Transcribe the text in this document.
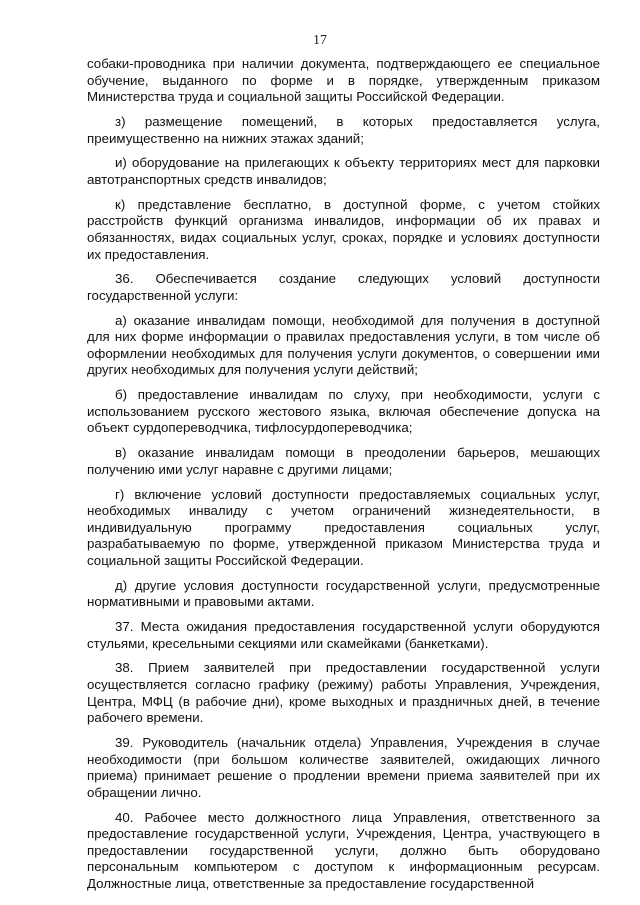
17

собаки-проводника при наличии документа, подтверждающего ее специальное обучение, выданного по форме и в порядке, утвержденным приказом Министерства труда и социальной защиты Российской Федерации.

з) размещение помещений, в которых предоставляется услуга, преимущественно на нижних этажах зданий;

и) оборудование на прилегающих к объекту территориях мест для парковки автотранспортных средств инвалидов;

к) представление бесплатно, в доступной форме, с учетом стойких расстройств функций организма инвалидов, информации об их правах и обязанностях, видах социальных услуг, сроках, порядке и условиях доступности их предоставления.

36. Обеспечивается создание следующих условий доступности государственной услуги:

а) оказание инвалидам помощи, необходимой для получения в доступной для них форме информации о правилах предоставления услуги, в том числе об оформлении необходимых для получения услуги документов, о совершении ими других необходимых для получения услуги действий;

б) предоставление инвалидам по слуху, при необходимости, услуги с использованием русского жестового языка, включая обеспечение допуска на объект сурдопереводчика, тифлосурдопереводчика;

в) оказание инвалидам помощи в преодолении барьеров, мешающих получению ими услуг наравне с другими лицами;

г) включение условий доступности предоставляемых социальных услуг, необходимых инвалиду с учетом ограничений жизнедеятельности, в индивидуальную программу предоставления социальных услуг, разрабатываемую по форме, утвержденной приказом Министерства труда и социальной защиты Российской Федерации.

д) другие условия доступности государственной услуги, предусмотренные нормативными и правовыми актами.

37. Места ожидания предоставления государственной услуги оборудуются стульями, кресельными секциями или скамейками (банкетками).

38. Прием заявителей при предоставлении государственной услуги осуществляется согласно графику (режиму) работы Управления, Учреждения, Центра, МФЦ (в рабочие дни), кроме выходных и праздничных дней, в течение рабочего времени.

39. Руководитель (начальник отдела) Управления, Учреждения в случае необходимости (при большом количестве заявителей, ожидающих личного приема) принимает решение о продлении времени приема заявителей при их обращении лично.

40. Рабочее место должностного лица Управления, ответственного за предоставление государственной услуги, Учреждения, Центра, участвующего в предоставлении государственной услуги, должно быть оборудовано персональным компьютером с доступом к информационным ресурсам. Должностные лица, ответственные за предоставление государственной
